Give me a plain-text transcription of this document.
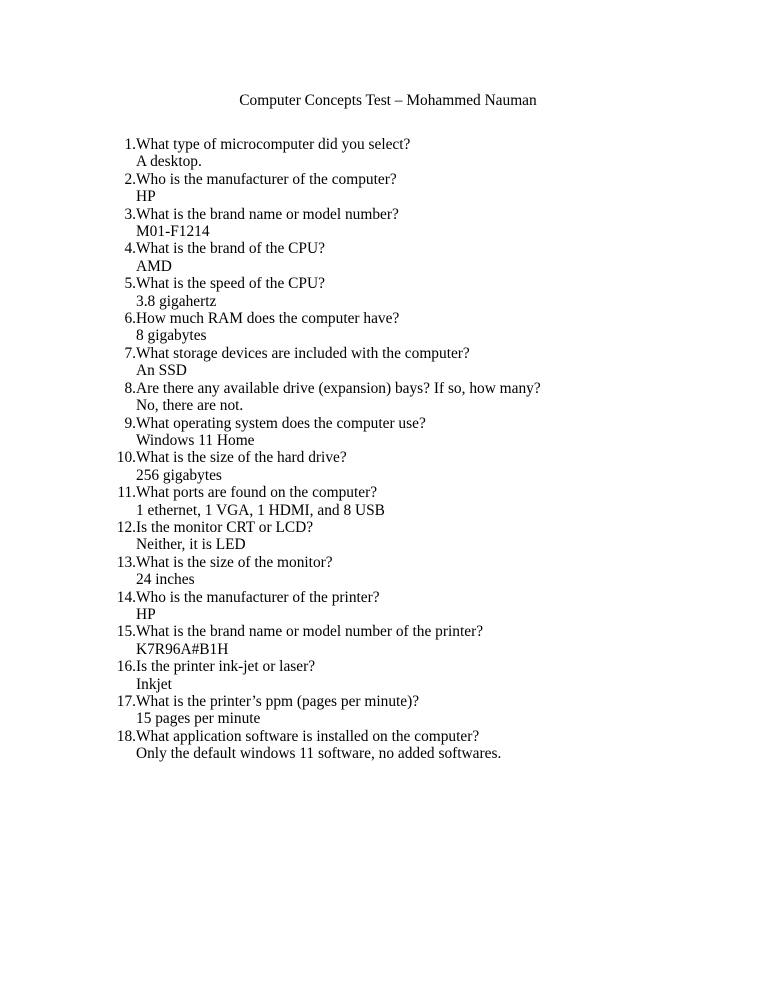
Computer Concepts Test – Mohammed Nauman
1. What type of microcomputer did you select?
A desktop.
2. Who is the manufacturer of the computer?
HP
3. What is the brand name or model number?
M01-F1214
4. What is the brand of the CPU?
AMD
5. What is the speed of the CPU?
3.8 gigahertz
6. How much RAM does the computer have?
8 gigabytes
7. What storage devices are included with the computer?
An SSD
8. Are there any available drive (expansion) bays? If so, how many?
No, there are not.
9. What operating system does the computer use?
Windows 11 Home
10. What is the size of the hard drive?
256 gigabytes
11. What ports are found on the computer?
1 ethernet, 1 VGA, 1 HDMI, and 8 USB
12. Is the monitor CRT or LCD?
Neither, it is LED
13. What is the size of the monitor?
24 inches
14. Who is the manufacturer of the printer?
HP
15. What is the brand name or model number of the printer?
K7R96A#B1H
16. Is the printer ink-jet or laser?
Inkjet
17. What is the printer’s ppm (pages per minute)?
15 pages per minute
18. What application software is installed on the computer?
Only the default windows 11 software, no added softwares.
